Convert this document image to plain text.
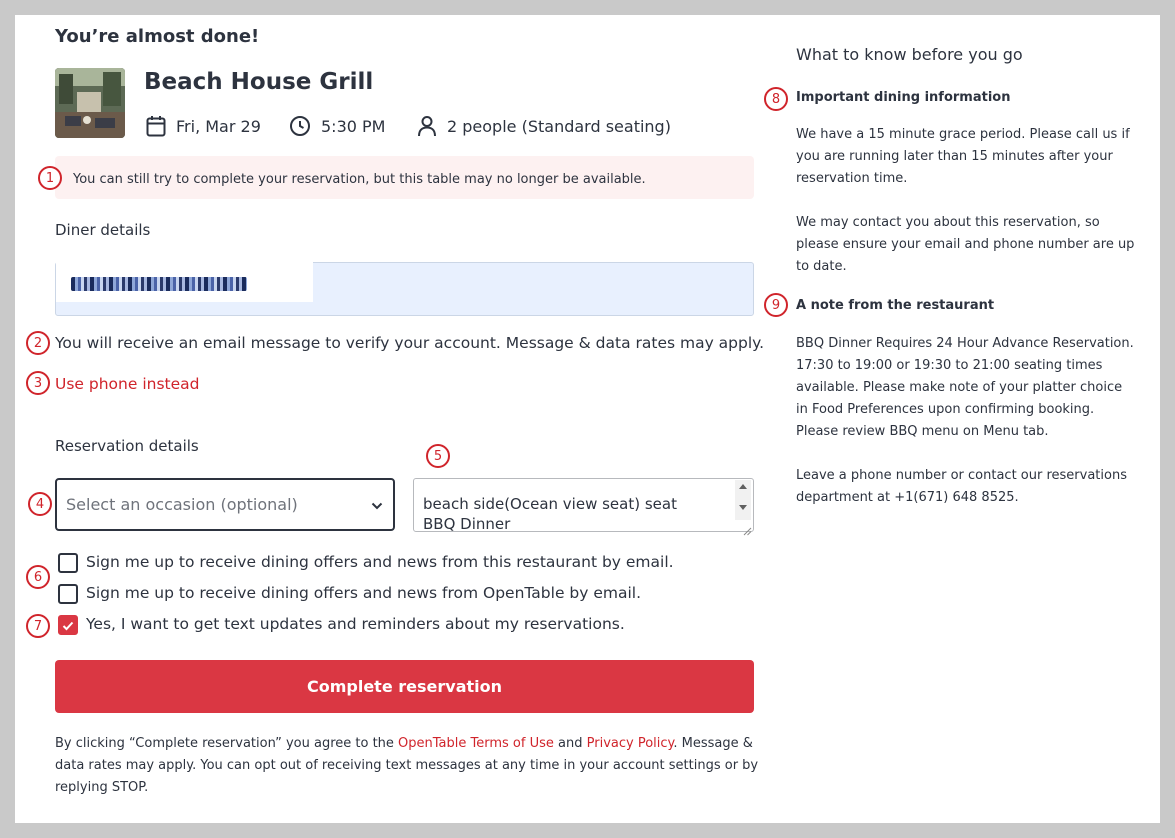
You’re almost done!
Beach House Grill
Fri, Mar 29	5:30 PM	2 people (Standard seating)
1	You can still try to complete your reservation, but this table may no longer be available.
Diner details
2 You will receive an email message to verify your account. Message & data rates may apply.
3 Use phone instead
Reservation details
5
4	Select an occasion (optional)	beach side(Ocean view seat) seat
BBQ Dinner
6
Sign me up to receive dining offers and news from this restaurant by email.
Sign me up to receive dining offers and news from OpenTable by email.
7	Yes, I want to get text updates and reminders about my reservations.
Complete reservation
By clicking “Complete reservation” you agree to the OpenTable Terms of Use and Privacy Policy. Message & data rates may apply. You can opt out of receiving text messages at any time in your account settings or by replying STOP.
What to know before you go
8	Important dining information
We have a 15 minute grace period. Please call us if you are running later than 15 minutes after your reservation time.
We may contact you about this reservation, so please ensure your email and phone number are up to date.
9	A note from the restaurant
BBQ Dinner Requires 24 Hour Advance Reservation. 17:30 to 19:00 or 19:30 to 21:00 seating times available. Please make note of your platter choice in Food Preferences upon confirming booking. Please review BBQ menu on Menu tab.
Leave a phone number or contact our reservations department at +1(671) 648 8525.
